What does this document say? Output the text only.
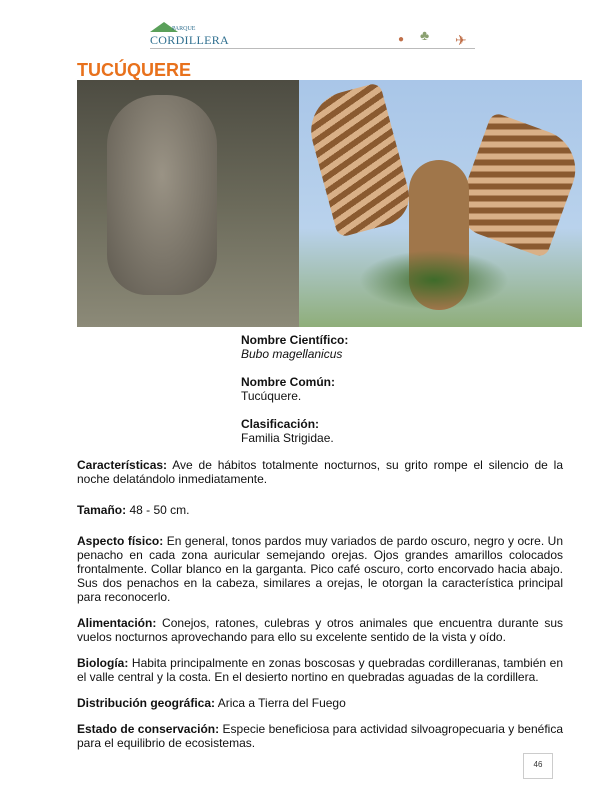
PARQUE
CORDILLERA	● ♣ ✈
TUCÚQUERE
Nombre Científico:
Bubo magellanicus
Nombre Común:
Tucúquere.
Clasificación:
Familia Strigidae.

Características: Ave de hábitos totalmente nocturnos, su grito rompe el silencio de la noche delatándolo inmediatamente.

Tamaño: 48 - 50 cm.

Aspecto físico: En general, tonos pardos muy variados de pardo oscuro, negro y ocre. Un penacho en cada zona auricular semejando orejas. Ojos grandes amarillos colocados frontalmente. Collar blanco en la garganta. Pico café oscuro, corto encorvado hacia abajo. Sus dos penachos en la cabeza, similares a orejas, le otorgan la característica principal para reconocerlo.

Alimentación: Conejos, ratones, culebras y otros animales que encuentra durante sus vuelos nocturnos aprovechando para ello su excelente sentido de la vista y oído.

Biología: Habita principalmente en zonas boscosas y quebradas cordilleranas, también en el valle central y la costa. En el desierto nortino en quebradas aguadas de la cordillera.

Distribución geográfica: Arica a Tierra del Fuego

Estado de conservación: Especie beneficiosa para actividad silvoagropecuaria y benéfica para el equilibrio de ecosistemas.

46
